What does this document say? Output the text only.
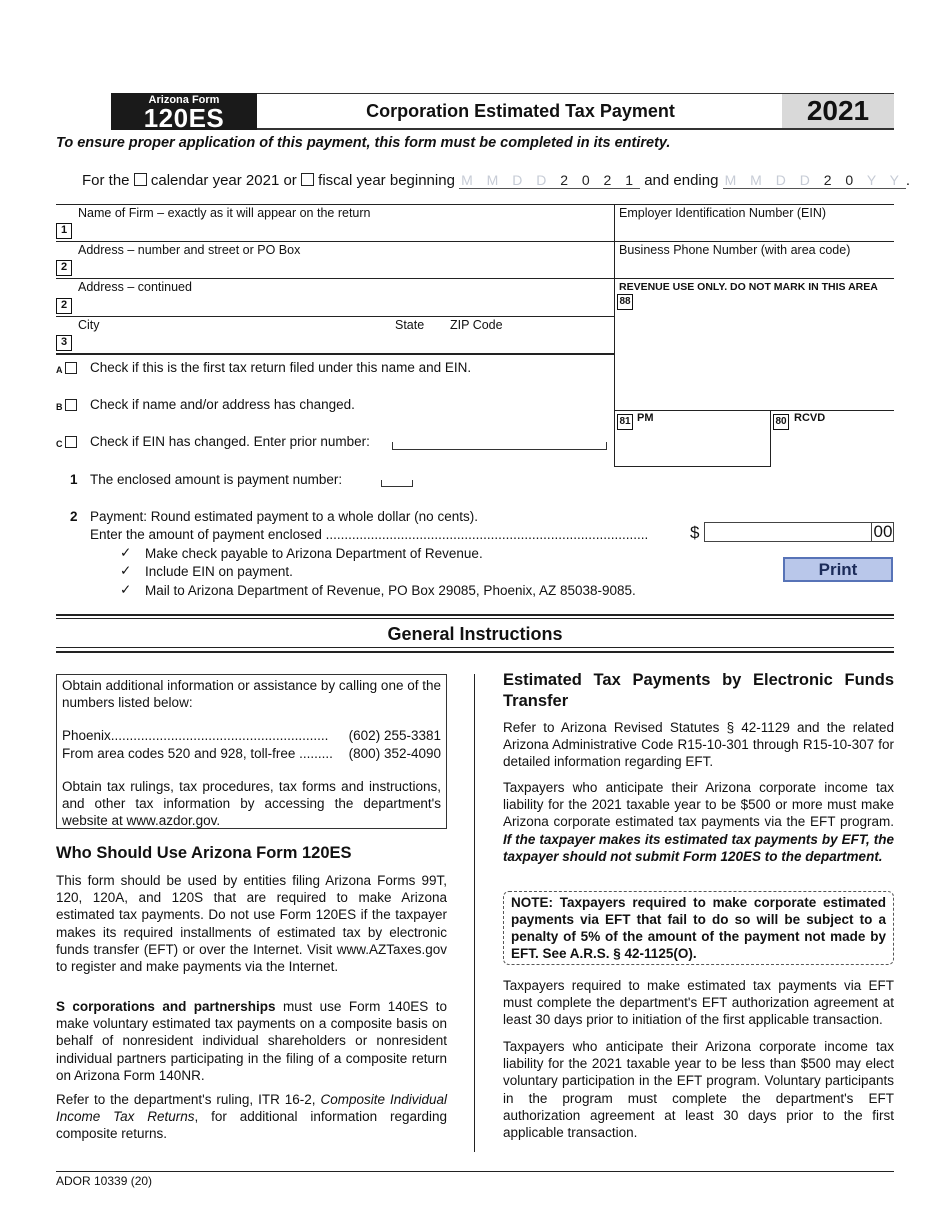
Arizona Form
120ES	Corporation Estimated Tax Payment	2021
To ensure proper application of this payment, this form must be completed in its entirety.
For the calendar year 2021 or fiscal year beginning M M D D 2 0 2 1 and ending M M D D 2 0 Y Y .
Name of Firm – exactly as it will appear on the return
1
Address – number and street or PO Box
2
Address – continued
2
City	State ZIP Code
3
Employer Identification Number (EIN)
Business Phone Number (with area code)
REVENUE USE ONLY. DO NOT MARK IN THIS AREA
88
81 PM	80 RCVD
A Check if this is the first tax return filed under this name and EIN.
B Check if name and/or address has changed.
C Check if EIN has changed. Enter prior number:
1 The enclosed amount is payment number:
2 Payment: Round estimated payment to a whole dollar (no cents).
Enter the amount of payment enclosed ......................................................................................	$	00
✓ Make check payable to Arizona Department of Revenue.
✓ Include EIN on payment.
✓ Mail to Arizona Department of Revenue, PO Box 29085, Phoenix, AZ 85038-9085.
Print
General Instructions
Obtain additional information or assistance by calling one of the numbers listed below:
Phoenix.......................................................... (602) 255-3381
From area codes 520 and 928, toll-free ......... (800) 352-4090
Obtain tax rulings, tax procedures, tax forms and instructions, and other tax information by accessing the department's website at www.azdor.gov.
Who Should Use Arizona Form 120ES
This form should be used by entities filing Arizona Forms 99T, 120, 120A, and 120S that are required to make Arizona estimated tax payments. Do not use Form 120ES if the taxpayer makes its required installments of estimated tax by electronic funds transfer (EFT) or over the Internet. Visit www.AZTaxes.gov to register and make payments via the Internet.
S corporations and partnerships must use Form 140ES to make voluntary estimated tax payments on a composite basis on behalf of nonresident individual shareholders or nonresident individual partners participating in the filing of a composite return on Arizona Form 140NR.
Refer to the department's ruling, ITR 16-2, Composite Individual Income Tax Returns, for additional information regarding composite returns.
Estimated Tax Payments by Electronic Funds Transfer
Refer to Arizona Revised Statutes § 42-1129 and the related Arizona Administrative Code R15-10-301 through R15-10-307 for detailed information regarding EFT.
Taxpayers who anticipate their Arizona corporate income tax liability for the 2021 taxable year to be $500 or more must make Arizona corporate estimated tax payments via the EFT program. If the taxpayer makes its estimated tax payments by EFT, the taxpayer should not submit Form 120ES to the department.
NOTE: Taxpayers required to make corporate estimated payments via EFT that fail to do so will be subject to a penalty of 5% of the amount of the payment not made by EFT. See A.R.S. § 42-1125(O).
Taxpayers required to make estimated tax payments via EFT must complete the department's EFT authorization agreement at least 30 days prior to initiation of the first applicable transaction.
Taxpayers who anticipate their Arizona corporate income tax liability for the 2021 taxable year to be less than $500 may elect voluntary participation in the EFT program. Voluntary participants in the program must complete the department's EFT authorization agreement at least 30 days prior to the first applicable transaction.
ADOR 10339 (20)
